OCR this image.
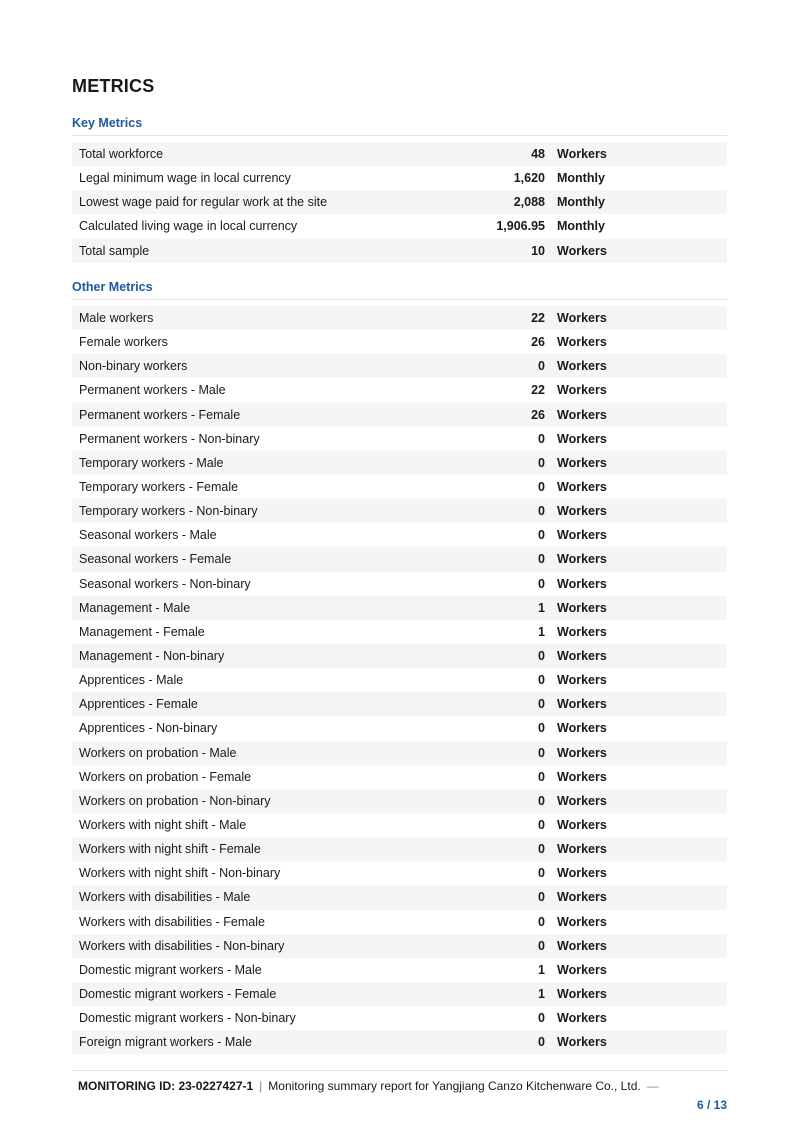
METRICS
Key Metrics
Total workforce	48 Workers
Legal minimum wage in local currency	1,620 Monthly
Lowest wage paid for regular work at the site	2,088 Monthly
Calculated living wage in local currency	1,906.95 Monthly
Total sample	10 Workers
Other Metrics
Male workers	22 Workers
Female workers	26 Workers
Non-binary workers	0 Workers
Permanent workers - Male	22 Workers
Permanent workers - Female	26 Workers
Permanent workers - Non-binary	0 Workers
Temporary workers - Male	0 Workers
Temporary workers - Female	0 Workers
Temporary workers - Non-binary	0 Workers
Seasonal workers - Male	0 Workers
Seasonal workers - Female	0 Workers
Seasonal workers - Non-binary	0 Workers
Management - Male	1 Workers
Management - Female	1 Workers
Management - Non-binary	0 Workers
Apprentices - Male	0 Workers
Apprentices - Female	0 Workers
Apprentices - Non-binary	0 Workers
Workers on probation - Male	0 Workers
Workers on probation - Female	0 Workers
Workers on probation - Non-binary	0 Workers
Workers with night shift - Male	0 Workers
Workers with night shift - Female	0 Workers
Workers with night shift - Non-binary	0 Workers
Workers with disabilities - Male	0 Workers
Workers with disabilities - Female	0 Workers
Workers with disabilities - Non-binary	0 Workers
Domestic migrant workers - Male	1 Workers
Domestic migrant workers - Female	1 Workers
Domestic migrant workers - Non-binary	0 Workers
Foreign migrant workers - Male	0 Workers
MONITORING ID: 23-0227427-1 | Monitoring summary report for Yangjiang Canzo Kitchenware Co., Ltd. —
6 / 13
